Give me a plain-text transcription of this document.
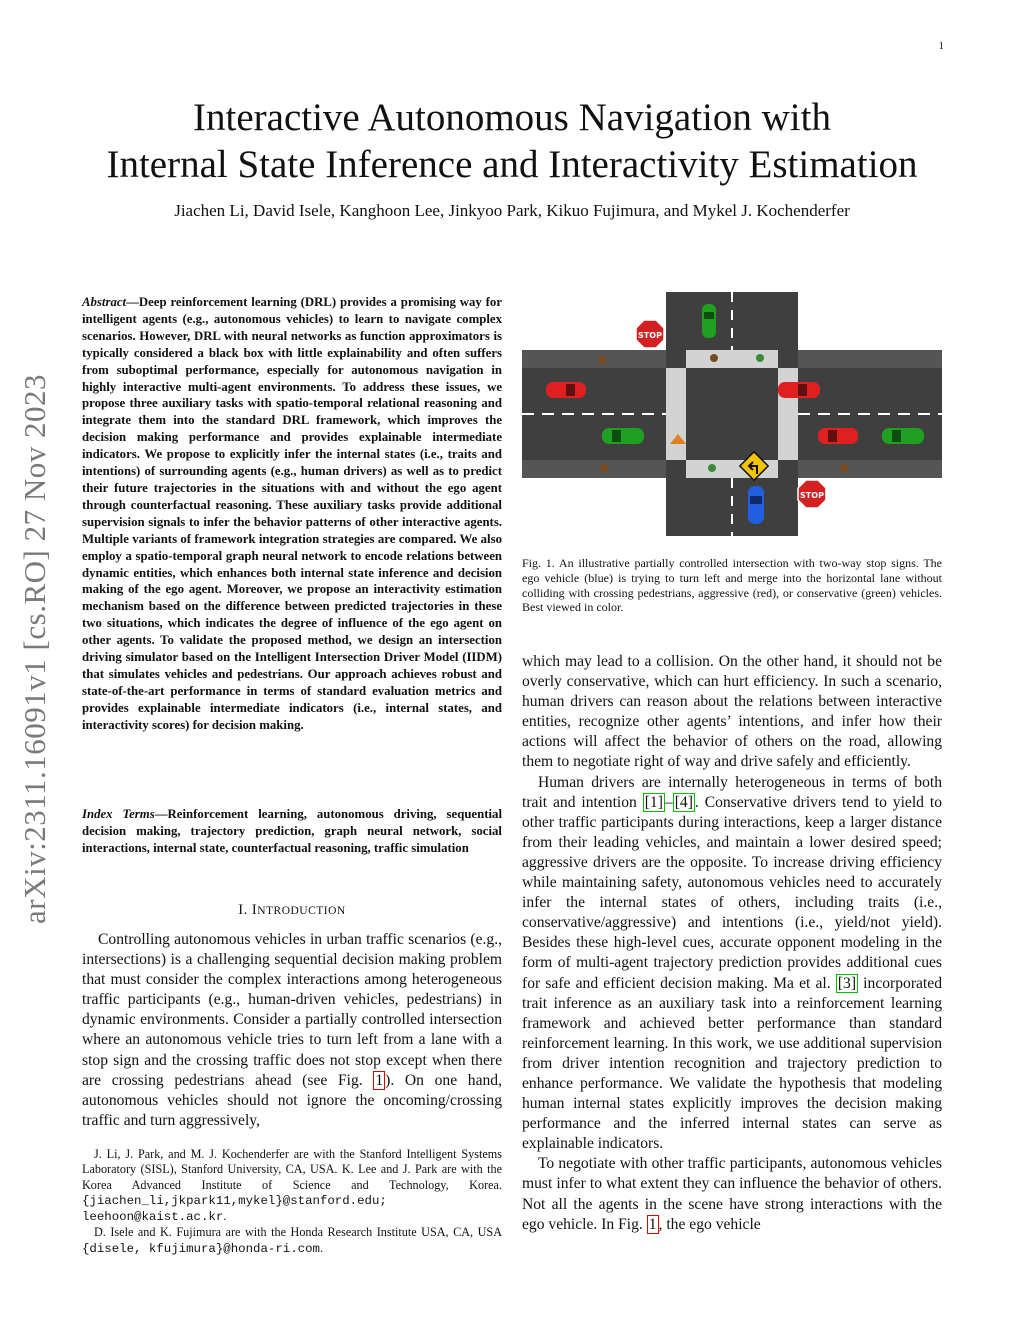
1
Interactive Autonomous Navigation with
Internal State Inference and Interactivity Estimation
Jiachen Li, David Isele, Kanghoon Lee, Jinkyoo Park, Kikuo Fujimura, and Mykel J. Kochenderfer
arXiv:2311.16091v1 [cs.RO] 27 Nov 2023
Abstract—Deep reinforcement learning (DRL) provides a promising way for intelligent agents (e.g., autonomous vehicles) to learn to navigate complex scenarios. However, DRL with neural networks as function approximators is typically considered a black box with little explainability and often suffers from suboptimal performance, especially for autonomous navigation in highly interactive multi-agent environments. To address these issues, we propose three auxiliary tasks with spatio-temporal relational reasoning and integrate them into the standard DRL framework, which improves the decision making performance and provides explainable intermediate indicators. We propose to explicitly infer the internal states (i.e., traits and intentions) of surrounding agents (e.g., human drivers) as well as to predict their future trajectories in the situations with and without the ego agent through counterfactual reasoning. These auxiliary tasks provide additional supervision signals to infer the behavior patterns of other interactive agents. Multiple variants of framework integration strategies are compared. We also employ a spatio-temporal graph neural network to encode relations between dynamic entities, which enhances both internal state inference and decision making of the ego agent. Moreover, we propose an interactivity estimation mechanism based on the difference between predicted trajectories in these two situations, which indicates the degree of influence of the ego agent on other agents. To validate the proposed method, we design an intersection driving simulator based on the Intelligent Intersection Driver Model (IIDM) that simulates vehicles and pedestrians. Our approach achieves robust and state-of-the-art performance in terms of standard evaluation metrics and provides explainable intermediate indicators (i.e., internal states, and interactivity scores) for decision making.
Index Terms—Reinforcement learning, autonomous driving, sequential decision making, trajectory prediction, graph neural network, social interactions, internal state, counterfactual reasoning, traffic simulation
I. INTRODUCTION

Controlling autonomous vehicles in urban traffic scenarios (e.g., intersections) is a challenging sequential decision making problem that must consider the complex interactions among heterogeneous traffic participants (e.g., human-driven vehicles, pedestrians) in dynamic environments. Consider a partially controlled intersection where an autonomous vehicle tries to turn left from a lane with a stop sign and the crossing traffic does not stop except when there are crossing pedestrians ahead (see Fig. 1 ). On one hand, autonomous vehicles should not ignore the oncoming/crossing traffic and turn aggressively,

J. Li, J. Park, and M. J. Kochenderfer are with the Stanford Intelligent Systems Laboratory (SISL), Stanford University, CA, USA. K. Lee and J. Park are with the Korea Advanced Institute of Science and Technology, Korea. {jiachen_li,jkpark11,mykel}@stanford.edu; leehoon@kaist.ac.kr.

D. Isele and K. Fujimura are with the Honda Research Institute USA, CA, USA {disele, kfujimura}@honda-ri.com.

STOP
STOP
Fig. 1. An illustrative partially controlled intersection with two-way stop signs. The ego vehicle (blue) is trying to turn left and merge into the horizontal lane without colliding with crossing pedestrians, aggressive (red), or conservative (green) vehicles. Best viewed in color.

which may lead to a collision. On the other hand, it should not be overly conservative, which can hurt efficiency. In such a scenario, human drivers can reason about the relations between interactive entities, recognize other agents’ intentions, and infer how their actions will affect the behavior of others on the road, allowing them to negotiate right of way and drive safely and efficiently.

Human drivers are internally heterogeneous in terms of both trait and intention [1] – [4] . Conservative drivers tend to yield to other traffic participants during interactions, keep a larger distance from their leading vehicles, and maintain a lower desired speed; aggressive drivers are the opposite. To increase driving efficiency while maintaining safety, autonomous vehicles need to accurately infer the internal states of others, including traits (i.e., conservative/aggressive) and intentions (i.e., yield/not yield). Besides these high-level cues, accurate opponent modeling in the form of multi-agent trajectory prediction provides additional cues for safe and efficient decision making. Ma et al. [3] incorporated trait inference as an auxiliary task into a reinforcement learning framework and achieved better performance than standard reinforcement learning. In this work, we use additional supervision from driver intention recognition and trajectory prediction to enhance performance. We validate the hypothesis that modeling human internal states explicitly improves the decision making performance and the inferred internal states can serve as explainable indicators.

To negotiate with other traffic participants, autonomous vehicles must infer to what extent they can influence the behavior of others. Not all the agents in the scene have strong interactions with the ego vehicle. In Fig. 1 , the ego vehicle
